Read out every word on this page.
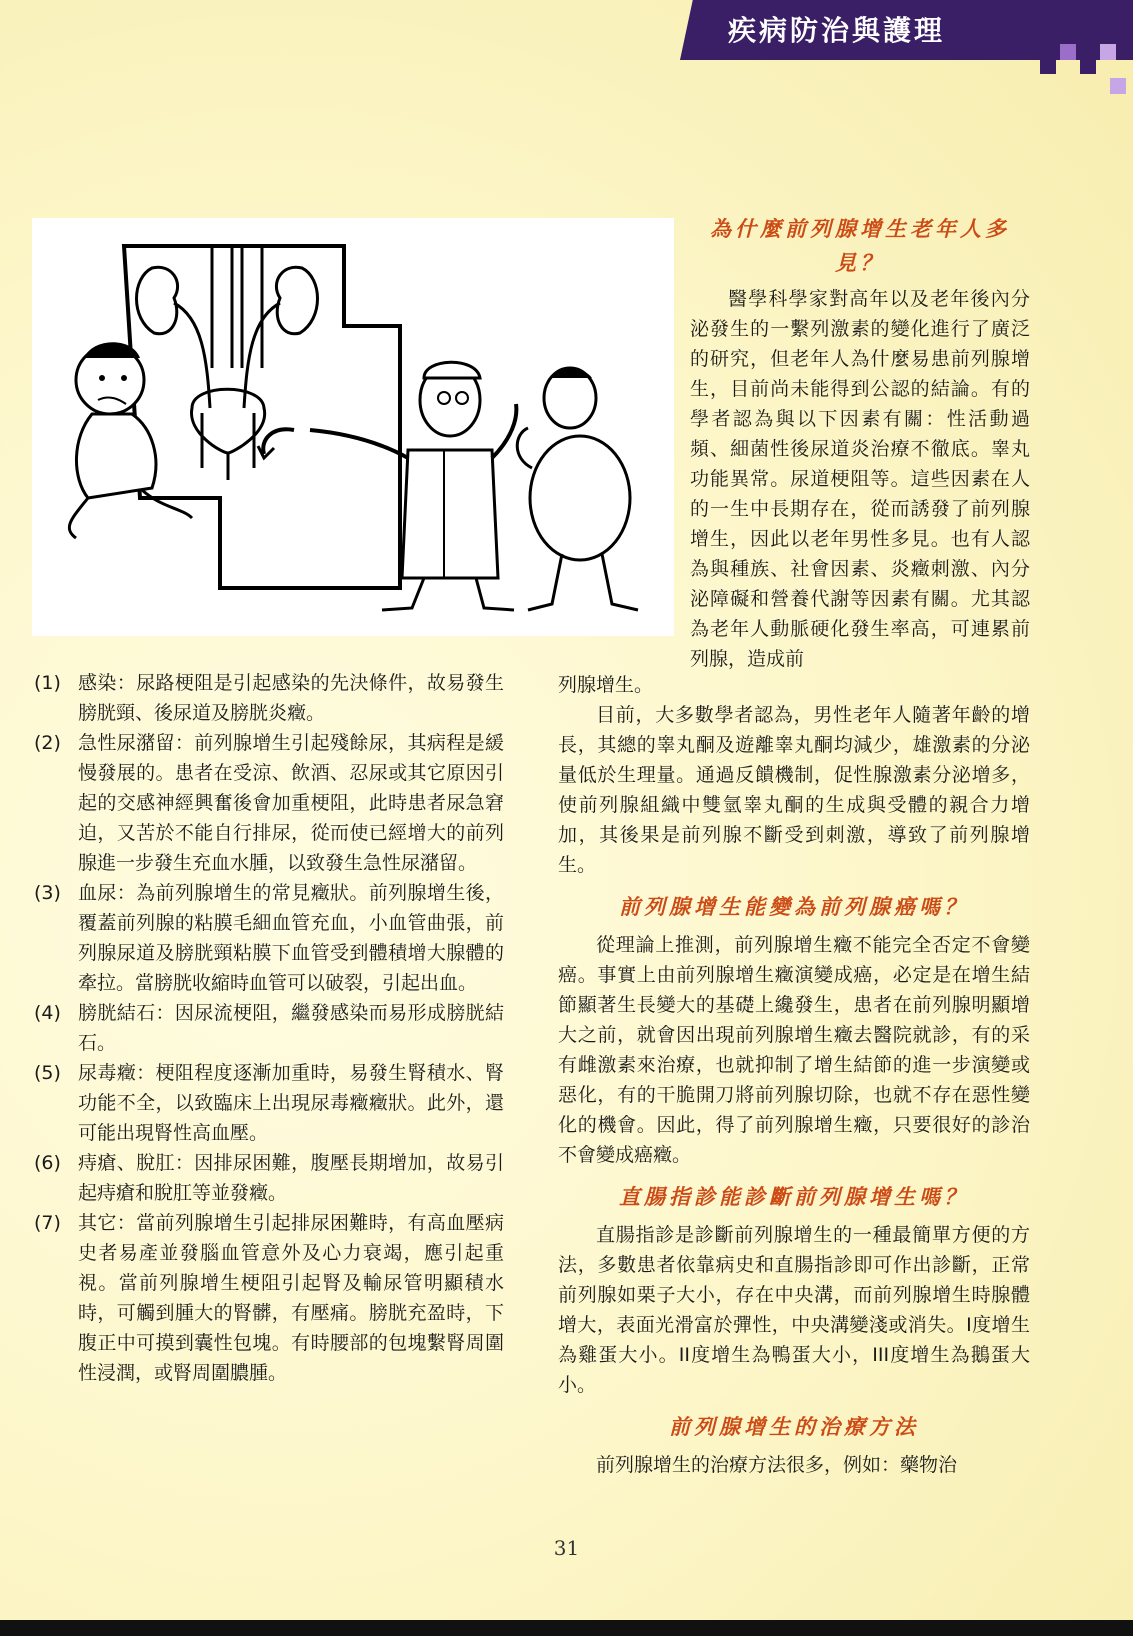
疾病防治與護理
(1) 感染：尿路梗阻是引起感染的先決條件，故易發生膀胱頸、後尿道及膀胱炎癥。
(2) 急性尿潴留：前列腺增生引起殘餘尿，其病程是緩慢發展的。患者在受涼、飲酒、忍尿或其它原因引起的交感神經興奮後會加重梗阻，此時患者尿急窘迫，又苦於不能自行排尿，從而使已經增大的前列腺進一步發生充血水腫，以致發生急性尿潴留。
(3) 血尿：為前列腺增生的常見癥狀。前列腺增生後，覆蓋前列腺的粘膜毛細血管充血，小血管曲張，前列腺尿道及膀胱頸粘膜下血管受到體積增大腺體的牽拉。當膀胱收縮時血管可以破裂，引起出血。
(4) 膀胱結石：因尿流梗阻，繼發感染而易形成膀胱結石。
(5) 尿毒癥：梗阻程度逐漸加重時，易發生腎積水、腎功能不全，以致臨床上出現尿毒癥癥狀。此外，還可能出現腎性高血壓。
(6) 痔瘡、脫肛：因排尿困難，腹壓長期增加，故易引起痔瘡和脫肛等並發癥。
(7) 其它：當前列腺增生引起排尿困難時，有高血壓病史者易產並發腦血管意外及心力衰竭，應引起重視。當前列腺增生梗阻引起腎及輸尿管明顯積水時，可觸到腫大的腎髒，有壓痛。膀胱充盈時，下腹正中可摸到囊性包塊。有時腰部的包塊繫腎周圍性浸潤，或腎周圍膿腫。
為什麼前列腺增生老年人多見？

醫學科學家對高年以及老年後內分泌發生的一繫列激素的變化進行了廣泛的研究，但老年人為什麼易患前列腺增生，目前尚未能得到公認的結論。有的學者認為與以下因素有關：性活動過頻、細菌性後尿道炎治療不徹底。睾丸功能異常。尿道梗阻等。這些因素在人的一生中長期存在，從而誘發了前列腺增生，因此以老年男性多見。也有人認為與種族、社會因素、炎癥刺激、內分泌障礙和營養代謝等因素有關。尤其認為老年人動脈硬化發生率高，可連累前列腺，造成前

列腺增生。

目前，大多數學者認為，男性老年人隨著年齡的增長，其總的睾丸酮及遊離睾丸酮均減少，雄激素的分泌量低於生理量。通過反饋機制，促性腺激素分泌增多，使前列腺組織中雙氫睾丸酮的生成與受體的親合力增加，其後果是前列腺不斷受到刺激，導致了前列腺增生。

前列腺增生能變為前列腺癌嗎？

從理論上推測，前列腺增生癥不能完全否定不會變癌。事實上由前列腺增生癥演變成癌，必定是在增生結節顯著生長變大的基礎上纔發生，患者在前列腺明顯增大之前，就會因出現前列腺增生癥去醫院就診，有的采有雌激素來治療，也就抑制了增生結節的進一步演變或惡化，有的干脆開刀將前列腺切除，也就不存在惡性變化的機會。因此，得了前列腺增生癥，只要很好的診治不會變成癌癥。

直腸指診能診斷前列腺增生嗎？

直腸指診是診斷前列腺增生的一種最簡單方便的方法，多數患者依靠病史和直腸指診即可作出診斷，正常前列腺如栗子大小，存在中央溝，而前列腺增生時腺體增大，表面光滑富於彈性，中央溝變淺或消失。I度增生為雞蛋大小。II度增生為鴨蛋大小，III度增生為鵝蛋大小。

前列腺增生的治療方法

前列腺增生的治療方法很多，例如：藥物治

31
